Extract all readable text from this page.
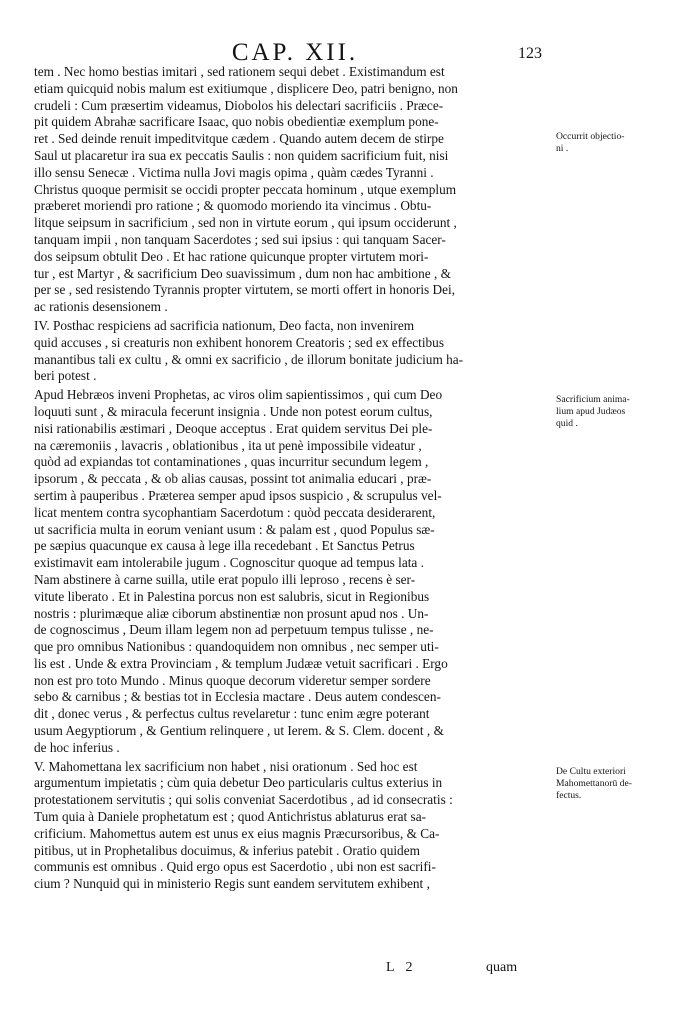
CAP. XII.	123
tem . Nec homo bestias imitari , sed rationem sequi debet . Existimandum est
etiam quicquid nobis malum est exitiumque , displicere Deo, patri benigno, non
crudeli : Cum præsertim videamus, Diobolos his delectari sacrificiis . Præce-
pit quidem Abrahæ sacrificare Isaac, quo nobis obedientiæ exemplum pone-
ret . Sed deinde renuit impeditvitque cædem . Quando autem decem de stirpe
Saul ut placaretur ira sua ex peccatis Saulis : non quidem sacrificium fuit, nisi
illo sensu Senecæ . Victima nulla Jovi magis opima , quàm cædes Tyranni .
Christus quoque permisit se occidi propter peccata hominum , utque exemplum
præberet moriendi pro ratione ; & quomodo moriendo ita vincimus . Obtu-
litque seipsum in sacrificium , sed non in virtute eorum , qui ipsum occiderunt ,
tanquam impii , non tanquam Sacerdotes ; sed sui ipsius : qui tanquam Sacer-
dos seipsum obtulit Deo . Et hac ratione quicunque propter virtutem mori-
tur , est Martyr , & sacrificium Deo suavissimum , dum non hac ambitione , &
per se , sed resistendo Tyrannis propter virtutem, se morti offert in honoris Dei,
ac rationis desensionem .
IV. Posthac respiciens ad sacrificia nationum, Deo facta, non invenirem
quid accuses , si creaturis non exhibent honorem Creatoris ; sed ex effectibus
manantibus tali ex cultu , & omni ex sacrificio , de illorum bonitate judicium ha-
beri potest .
Apud Hebræos inveni Prophetas, ac viros olim sapientissimos , qui cum Deo
loquuti sunt , & miracula fecerunt insignia . Unde non potest eorum cultus,
nisi rationabilis æstimari , Deoque acceptus . Erat quidem servitus Dei ple-
na cæremoniis , lavacris , oblationibus , ita ut penè impossibile videatur ,
quòd ad expiandas tot contaminationes , quas incurritur secundum legem ,
ipsorum , & peccata , & ob alias causas, possint tot animalia educari , præ-
sertim à pauperibus . Præterea semper apud ipsos suspicio , & scrupulus vel-
licat mentem contra sycophantiam Sacerdotum : quòd peccata desiderarent,
ut sacrificia multa in eorum veniant usum : & palam est , quod Populus sæ-
pe sæpius quacunque ex causa à lege illa recedebant . Et Sanctus Petrus
existimavit eam intolerabile jugum . Cognoscitur quoque ad tempus lata .
Nam abstinere à carne suilla, utile erat populo illi leproso , recens è ser-
vitute liberato . Et in Palestina porcus non est salubris, sicut in Regionibus
nostris : plurimæque aliæ ciborum abstinentiæ non prosunt apud nos . Un-
de cognoscimus , Deum illam legem non ad perpetuum tempus tulisse , ne-
que pro omnibus Nationibus : quandoquidem non omnibus , nec semper uti-
lis est . Unde & extra Provinciam , & templum Judææ vetuit sacrificari . Ergo
non est pro toto Mundo . Minus quoque decorum videretur semper sordere
sebo & carnibus ; & bestias tot in Ecclesia mactare . Deus autem condescen-
dit , donec verus , & perfectus cultus revelaretur : tunc enim ægre poterant
usum Aegyptiorum , & Gentium relinquere , ut Ierem. & S. Clem. docent , &
de hoc inferius .
V. Mahomettana lex sacrificium non habet , nisi orationum . Sed hoc est
argumentum impietatis ; cùm quia debetur Deo particularis cultus exterius in
protestationem servitutis ; qui solis conveniat Sacerdotibus , ad id consecratis :
Tum quia à Daniele prophetatum est ; quod Antichristus ablaturus erat sa-
crificium. Mahomettus autem est unus ex eius magnis Præcursoribus, & Ca-
pitibus, ut in Prophetalibus docuimus, & inferius patebit . Oratio quidem
communis est omnibus . Quid ergo opus est Sacerdotio , ubi non est sacrifi-
cium ? Nunquid qui in ministerio Regis sunt eandem servitutem exhibent ,
Occurrit objectio-
ni .
Sacrificium anima-
lium apud Judæos
quid .
De Cultu exteriori
Mahomettanorū de-
fectus.
L 2	quam
